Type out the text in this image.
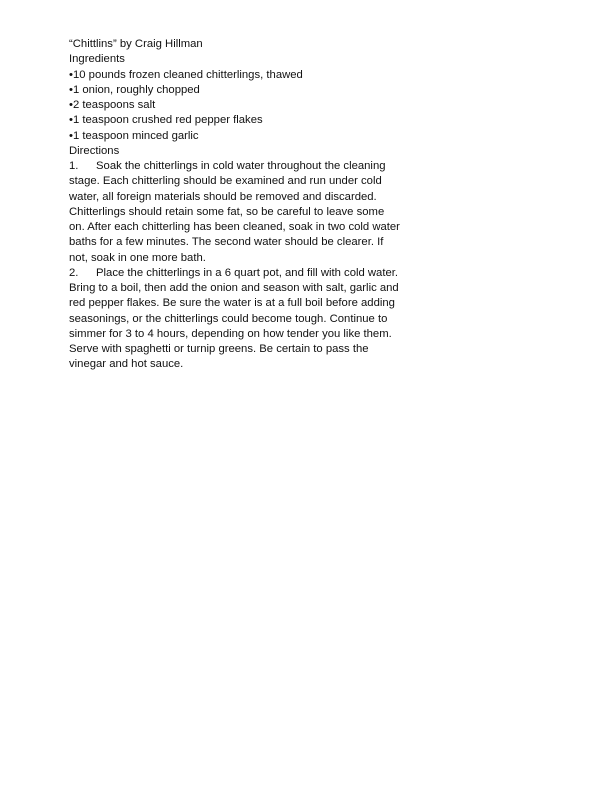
“Chittlins” by Craig Hillman
Ingredients
•10 pounds frozen cleaned chitterlings, thawed
•1 onion, roughly chopped
•2 teaspoons salt
•1 teaspoon crushed red pepper flakes
•1 teaspoon minced garlic
Directions
1. Soak the chitterlings in cold water throughout the cleaning
stage. Each chitterling should be examined and run under cold
water, all foreign materials should be removed and discarded.
Chitterlings should retain some fat, so be careful to leave some
on. After each chitterling has been cleaned, soak in two cold water
baths for a few minutes. The second water should be clearer. If
not, soak in one more bath.
2. Place the chitterlings in a 6 quart pot, and fill with cold water.
Bring to a boil, then add the onion and season with salt, garlic and
red pepper flakes. Be sure the water is at a full boil before adding
seasonings, or the chitterlings could become tough. Continue to
simmer for 3 to 4 hours, depending on how tender you like them.
Serve with spaghetti or turnip greens. Be certain to pass the
vinegar and hot sauce.
